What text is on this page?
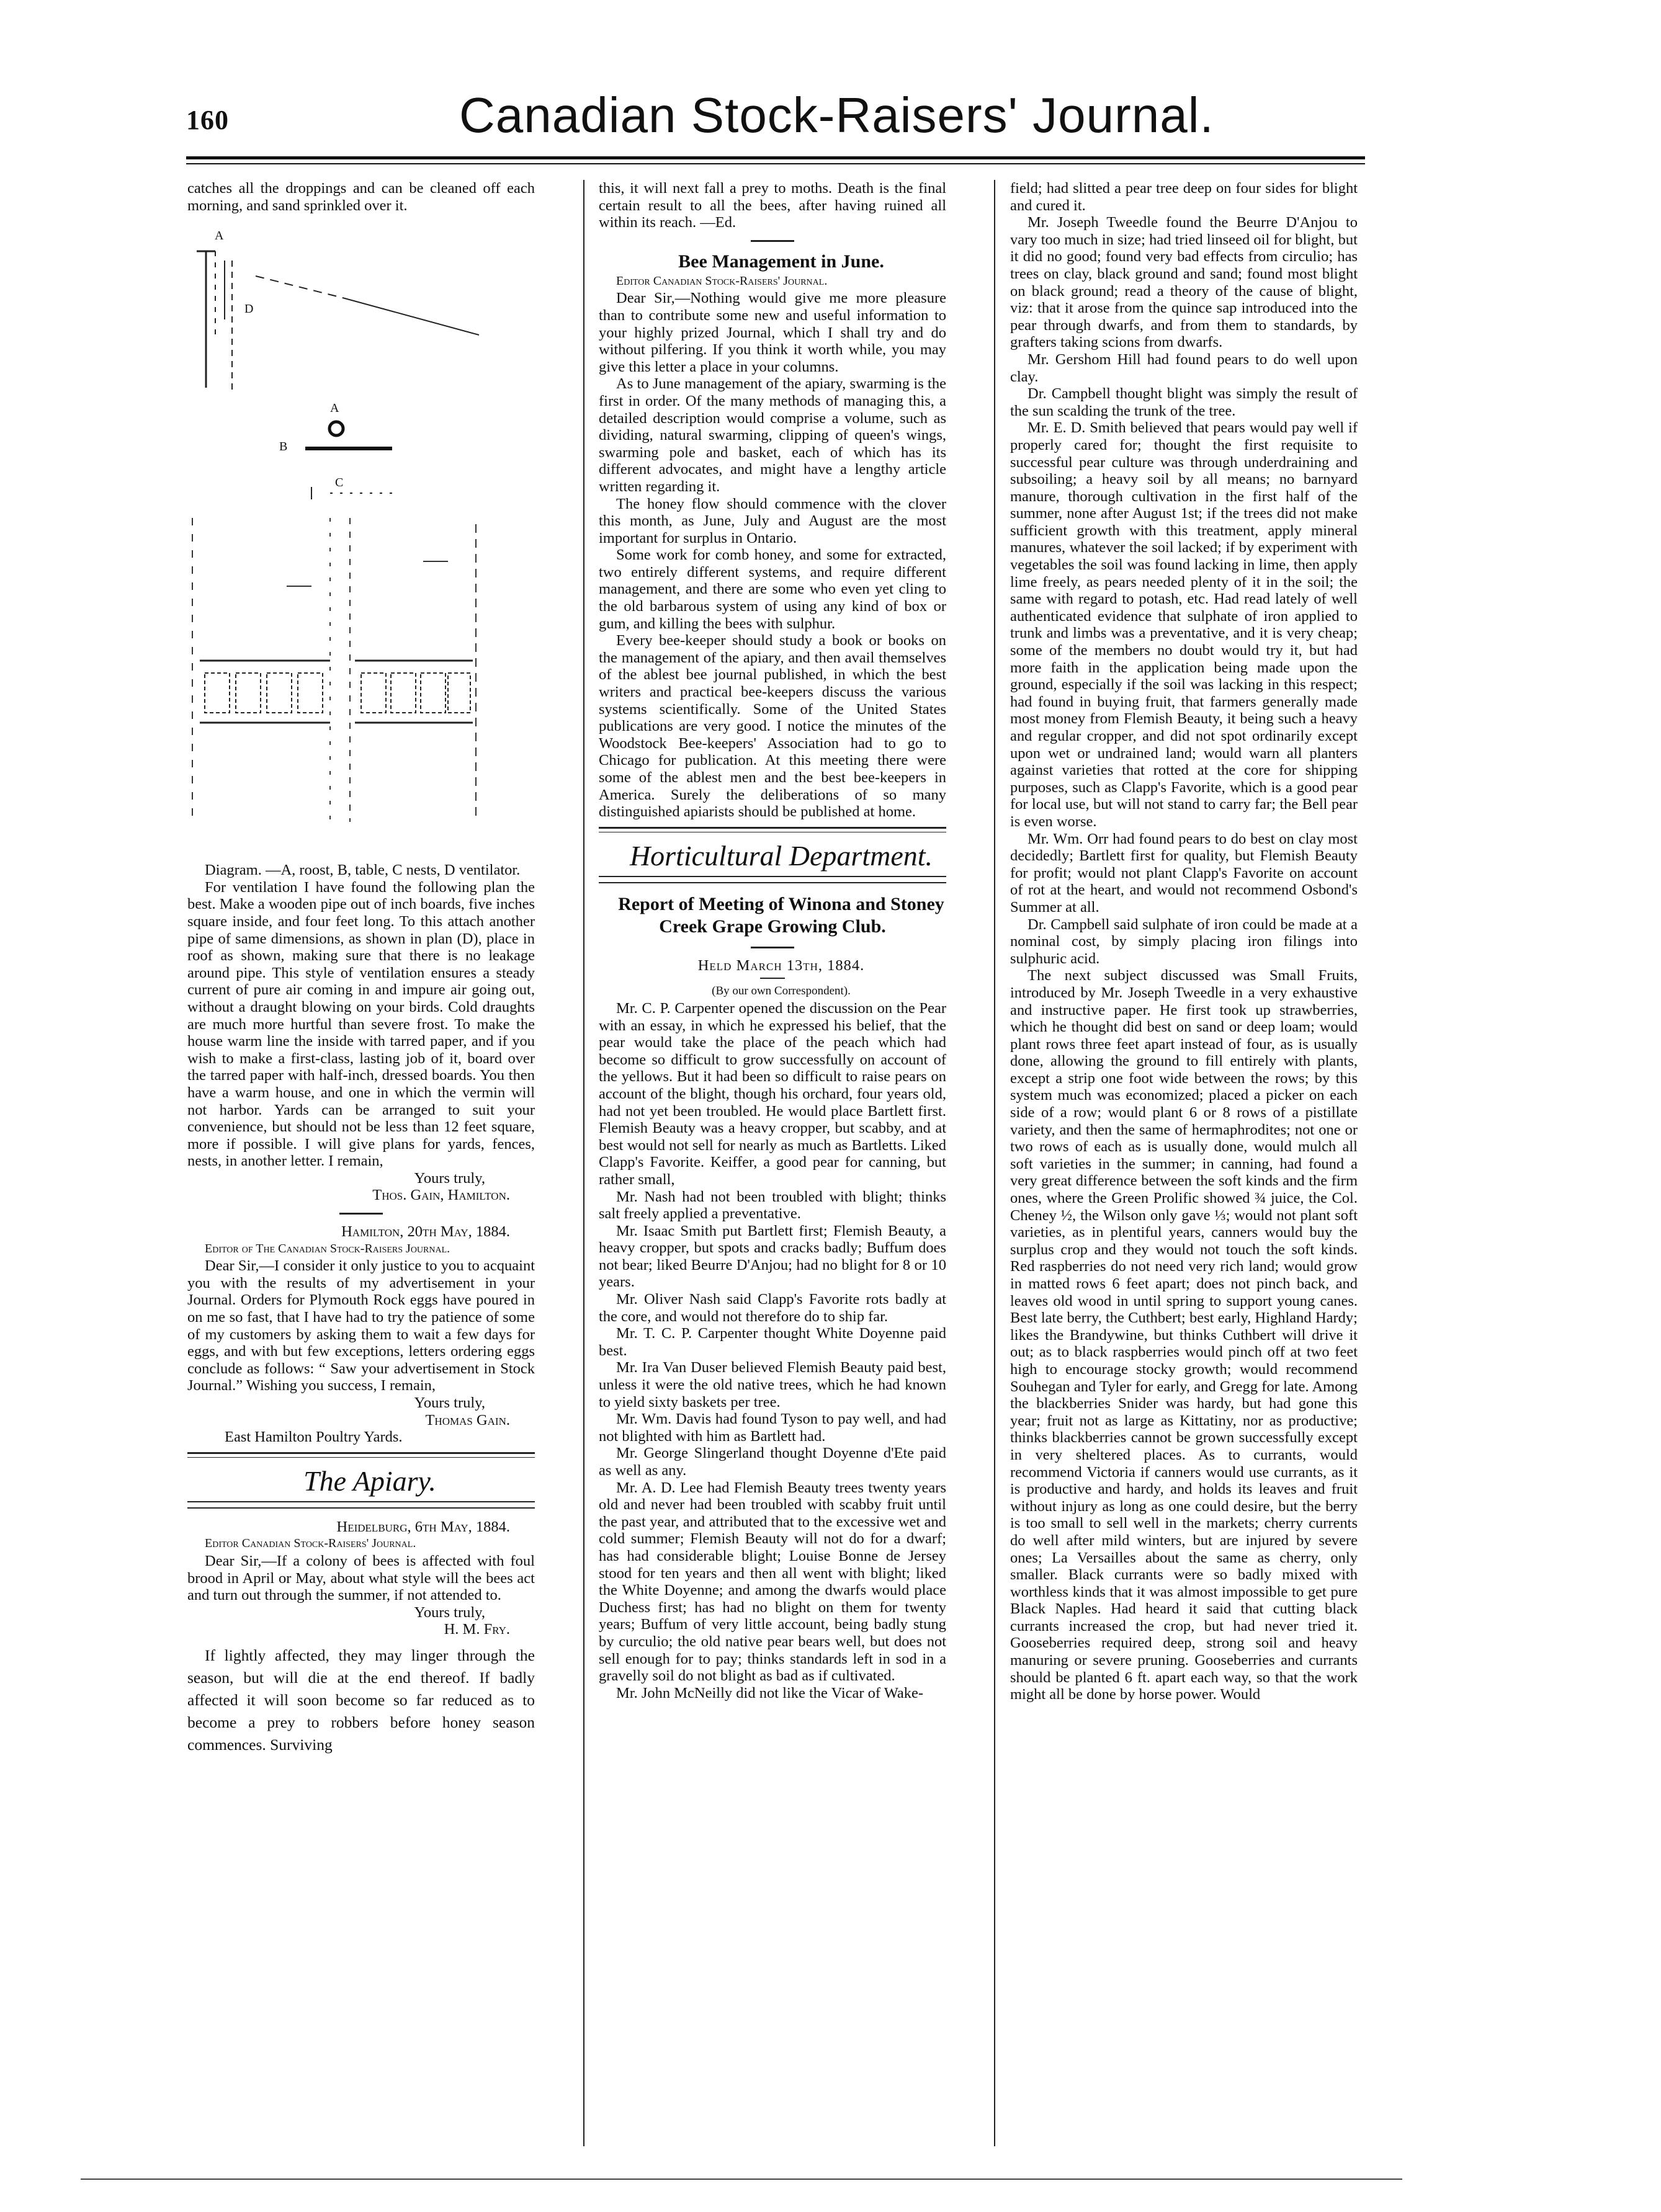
160	Canadian Stock-Raisers' Journal.

catches all the droppings and can be cleaned off each morning, and sand sprinkled over it.

A
A
B
C
D

Diagram. —A, roost, B, table, C nests, D ventilator.

For ventilation I have found the following plan the best. Make a wooden pipe out of inch boards, five inches square inside, and four feet long. To this attach another pipe of same dimensions, as shown in plan (D), place in roof as shown, making sure that there is no leakage around pipe. This style of ventilation ensures a steady current of pure air coming in and impure air going out, without a draught blowing on your birds. Cold draughts are much more hurtful than severe frost. To make the house warm line the inside with tarred paper, and if you wish to make a first-class, lasting job of it, board over the tarred paper with half-inch, dressed boards. You then have a warm house, and one in which the vermin will not harbor. Yards can be arranged to suit your convenience, but should not be less than 12 feet square, more if possible. I will give plans for yards, fences, nests, in another letter. I remain,

Yours truly,

Thos. Gain, Hamilton.

Hamilton, 20th May, 1884.

Editor of The Canadian Stock-Raisers Journal.

Dear Sir,—I consider it only justice to you to acquaint you with the results of my advertisement in your Journal. Orders for Plymouth Rock eggs have poured in on me so fast, that I have had to try the patience of some of my customers by asking them to wait a few days for eggs, and with but few exceptions, letters ordering eggs conclude as follows: “ Saw your advertisement in Stock Journal.” Wishing you success, I remain,

Yours truly,

Thomas Gain.

East Hamilton Poultry Yards.

The Apiary.

Heidelburg, 6th May, 1884.

Editor Canadian Stock-Raisers' Journal.

Dear Sir,—If a colony of bees is affected with foul brood in April or May, about what style will the bees act and turn out through the summer, if not attended to.

Yours truly,

H. M. Fry.

If lightly affected, they may linger through the season, but will die at the end thereof. If badly affected it will soon become so far reduced as to become a prey to robbers before honey season commences. Surviving

this, it will next fall a prey to moths. Death is the final certain result to all the bees, after having ruined all within its reach. —Ed.

Bee Management in June.

Editor Canadian Stock-Raisers' Journal.

Dear Sir,—Nothing would give me more pleasure than to contribute some new and useful information to your highly prized Journal, which I shall try and do without pilfering. If you think it worth while, you may give this letter a place in your columns.

As to June management of the apiary, swarming is the first in order. Of the many methods of managing this, a detailed description would comprise a volume, such as dividing, natural swarming, clipping of queen's wings, swarming pole and basket, each of which has its different advocates, and might have a lengthy article written regarding it.

The honey flow should commence with the clover this month, as June, July and August are the most important for surplus in Ontario.

Some work for comb honey, and some for extracted, two entirely different systems, and require different management, and there are some who even yet cling to the old barbarous system of using any kind of box or gum, and killing the bees with sulphur.

Every bee-keeper should study a book or books on the management of the apiary, and then avail themselves of the ablest bee journal published, in which the best writers and practical bee-keepers discuss the various systems scientifically. Some of the United States publications are very good. I notice the minutes of the Woodstock Bee-keepers' Association had to go to Chicago for publication. At this meeting there were some of the ablest men and the best bee-keepers in America. Surely the deliberations of so many distinguished apiarists should be published at home.

Horticultural Department.

Report of Meeting of Winona and Stoney Creek Grape Growing Club.

Held March 13th, 1884.

(By our own Correspondent).

Mr. C. P. Carpenter opened the discussion on the Pear with an essay, in which he expressed his belief, that the pear would take the place of the peach which had become so difficult to grow successfully on account of the yellows. But it had been so difficult to raise pears on account of the blight, though his orchard, four years old, had not yet been troubled. He would place Bartlett first. Flemish Beauty was a heavy cropper, but scabby, and at best would not sell for nearly as much as Bartletts. Liked Clapp's Favorite. Keiffer, a good pear for canning, but rather small,

Mr. Nash had not been troubled with blight; thinks salt freely applied a preventative.

Mr. Isaac Smith put Bartlett first; Flemish Beauty, a heavy cropper, but spots and cracks badly; Buffum does not bear; liked Beurre D'Anjou; had no blight for 8 or 10 years.

Mr. Oliver Nash said Clapp's Favorite rots badly at the core, and would not therefore do to ship far.

Mr. T. C. P. Carpenter thought White Doyenne paid best.

Mr. Ira Van Duser believed Flemish Beauty paid best, unless it were the old native trees, which he had known to yield sixty baskets per tree.

Mr. Wm. Davis had found Tyson to pay well, and had not blighted with him as Bartlett had.

Mr. George Slingerland thought Doyenne d'Ete paid as well as any.

Mr. A. D. Lee had Flemish Beauty trees twenty years old and never had been troubled with scabby fruit until the past year, and attributed that to the excessive wet and cold summer; Flemish Beauty will not do for a dwarf; has had considerable blight; Louise Bonne de Jersey stood for ten years and then all went with blight; liked the White Doyenne; and among the dwarfs would place Duchess first; has had no blight on them for twenty years; Buffum of very little account, being badly stung by curculio; the old native pear bears well, but does not sell enough for to pay; thinks standards left in sod in a gravelly soil do not blight as bad as if cultivated.

Mr. John McNeilly did not like the Vicar of Wake-

field; had slitted a pear tree deep on four sides for blight and cured it.

Mr. Joseph Tweedle found the Beurre D'Anjou to vary too much in size; had tried linseed oil for blight, but it did no good; found very bad effects from circulio; has trees on clay, black ground and sand; found most blight on black ground; read a theory of the cause of blight, viz: that it arose from the quince sap introduced into the pear through dwarfs, and from them to standards, by grafters taking scions from dwarfs.

Mr. Gershom Hill had found pears to do well upon clay.

Dr. Campbell thought blight was simply the result of the sun scalding the trunk of the tree.

Mr. E. D. Smith believed that pears would pay well if properly cared for; thought the first requisite to successful pear culture was through underdraining and subsoiling; a heavy soil by all means; no barnyard manure, thorough cultivation in the first half of the summer, none after August 1st; if the trees did not make sufficient growth with this treatment, apply mineral manures, whatever the soil lacked; if by experiment with vegetables the soil was found lacking in lime, then apply lime freely, as pears needed plenty of it in the soil; the same with regard to potash, etc. Had read lately of well authenticated evidence that sulphate of iron applied to trunk and limbs was a preventative, and it is very cheap; some of the members no doubt would try it, but had more faith in the application being made upon the ground, especially if the soil was lacking in this respect; had found in buying fruit, that farmers generally made most money from Flemish Beauty, it being such a heavy and regular cropper, and did not spot ordinarily except upon wet or undrained land; would warn all planters against varieties that rotted at the core for shipping purposes, such as Clapp's Favorite, which is a good pear for local use, but will not stand to carry far; the Bell pear is even worse.

Mr. Wm. Orr had found pears to do best on clay most decidedly; Bartlett first for quality, but Flemish Beauty for profit; would not plant Clapp's Favorite on account of rot at the heart, and would not recommend Osbond's Summer at all.

Dr. Campbell said sulphate of iron could be made at a nominal cost, by simply placing iron filings into sulphuric acid.

The next subject discussed was Small Fruits, introduced by Mr. Joseph Tweedle in a very exhaustive and instructive paper. He first took up strawberries, which he thought did best on sand or deep loam; would plant rows three feet apart instead of four, as is usually done, allowing the ground to fill entirely with plants, except a strip one foot wide between the rows; by this system much was economized; placed a picker on each side of a row; would plant 6 or 8 rows of a pistillate variety, and then the same of hermaphrodites; not one or two rows of each as is usually done, would mulch all soft varieties in the summer; in canning, had found a very great difference between the soft kinds and the firm ones, where the Green Prolific showed ¾ juice, the Col. Cheney ½, the Wilson only gave ⅓; would not plant soft varieties, as in plentiful years, canners would buy the surplus crop and they would not touch the soft kinds. Red raspberries do not need very rich land; would grow in matted rows 6 feet apart; does not pinch back, and leaves old wood in until spring to support young canes. Best late berry, the Cuthbert; best early, Highland Hardy; likes the Brandywine, but thinks Cuthbert will drive it out; as to black raspberries would pinch off at two feet high to encourage stocky growth; would recommend Souhegan and Tyler for early, and Gregg for late. Among the blackberries Snider was hardy, but had gone this year; fruit not as large as Kittatiny, nor as productive; thinks blackberries cannot be grown successfully except in very sheltered places. As to currants, would recommend Victoria if canners would use currants, as it is productive and hardy, and holds its leaves and fruit without injury as long as one could desire, but the berry is too small to sell well in the markets; cherry currents do well after mild winters, but are injured by severe ones; La Versailles about the same as cherry, only smaller. Black currants were so badly mixed with worthless kinds that it was almost impossible to get pure Black Naples. Had heard it said that cutting black currants increased the crop, but had never tried it. Gooseberries required deep, strong soil and heavy manuring or severe pruning. Gooseberries and currants should be planted 6 ft. apart each way, so that the work might all be done by horse power. Would
